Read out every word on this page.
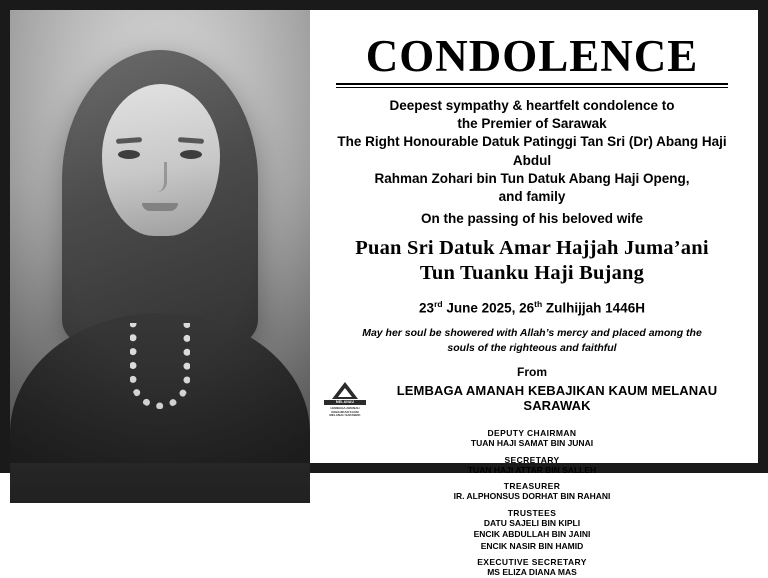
CONDOLENCE
Deepest sympathy & heartfelt condolence to
the Premier of Sarawak
The Right Honourable Datuk Patinggi Tan Sri (Dr) Abang Haji Abdul
Rahman Zohari bin Tun Datuk Abang Haji Openg,
and family
On the passing of his beloved wife
Puan Sri Datuk Amar Hajjah Juma’ani
Tun Tuanku Haji Bujang
23rd June 2025, 26th Zulhijjah 1446H
May her soul be showered with Allah’s mercy and placed among the
souls of the righteous and faithful
From
MELANAU
LEMBAGA AMANAH KEBAJIKAN KAUM MELANAU SARAWAK
LEMBAGA AMANAH KEBAJIKAN KAUM MELANAU SARAWAK
DEPUTY CHAIRMAN
TUAN HAJI SAMAT BIN JUNAI
SECRETARY
TUAN HAJI ATTAR BIN SALLEH
TREASURER
IR. ALPHONSUS DORHAT BIN RAHANI
TRUSTEES
DATU SAJELI BIN KIPLI
ENCIK ABDULLAH BIN JAINI
ENCIK NASIR BIN HAMID
EXECUTIVE SECRETARY
MS ELIZA DIANA MAS
